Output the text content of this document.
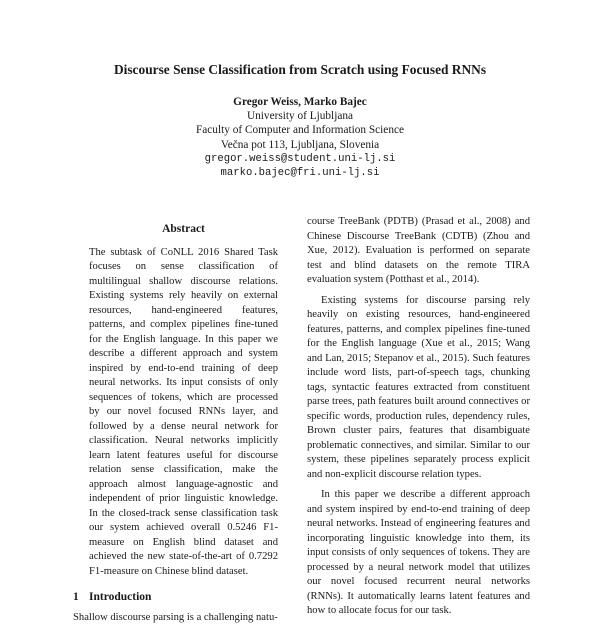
Discourse Sense Classification from Scratch using Focused RNNs
Gregor Weiss, Marko Bajec
University of Ljubljana
Faculty of Computer and Information Science
Večna pot 113, Ljubljana, Slovenia
gregor.weiss@student.uni-lj.si
marko.bajec@fri.uni-lj.si
Abstract

The subtask of CoNLL 2016 Shared Task focuses on sense classification of multilingual shallow discourse relations. Existing systems rely heavily on external resources, hand-engineered features, patterns, and complex pipelines fine-tuned for the English language. In this paper we describe a different approach and system inspired by end-to-end training of deep neural networks. Its input consists of only sequences of tokens, which are processed by our novel focused RNNs layer, and followed by a dense neural network for classification. Neural networks implicitly learn latent features useful for discourse relation sense classification, make the approach almost language-agnostic and independent of prior linguistic knowledge. In the closed-track sense classification task our system achieved overall 0.5246 F1-measure on English blind dataset and achieved the new state-of-the-art of 0.7292 F1-measure on Chinese blind dataset.

1 Introduction

Shallow discourse parsing is a challenging natu-

course TreeBank (PDTB) (Prasad et al., 2008) and Chinese Discourse TreeBank (CDTB) (Zhou and Xue, 2012). Evaluation is performed on separate test and blind datasets on the remote TIRA evaluation system (Potthast et al., 2014).

Existing systems for discourse parsing rely heavily on existing resources, hand-engineered features, patterns, and complex pipelines fine-tuned for the English language (Xue et al., 2015; Wang and Lan, 2015; Stepanov et al., 2015). Such features include word lists, part-of-speech tags, chunking tags, syntactic features extracted from constituent parse trees, path features built around connectives or specific words, production rules, dependency rules, Brown cluster pairs, features that disambiguate problematic connectives, and similar. Similar to our system, these pipelines separately process explicit and non-explicit discourse relation types.

In this paper we describe a different approach and system inspired by end-to-end training of deep neural networks. Instead of engineering features and incorporating linguistic knowledge into them, its input consists of only sequences of tokens. They are processed by a neural network model that utilizes our novel focused recurrent neural networks (RNNs). It automatically learns latent features and how to allocate focus for our task.
